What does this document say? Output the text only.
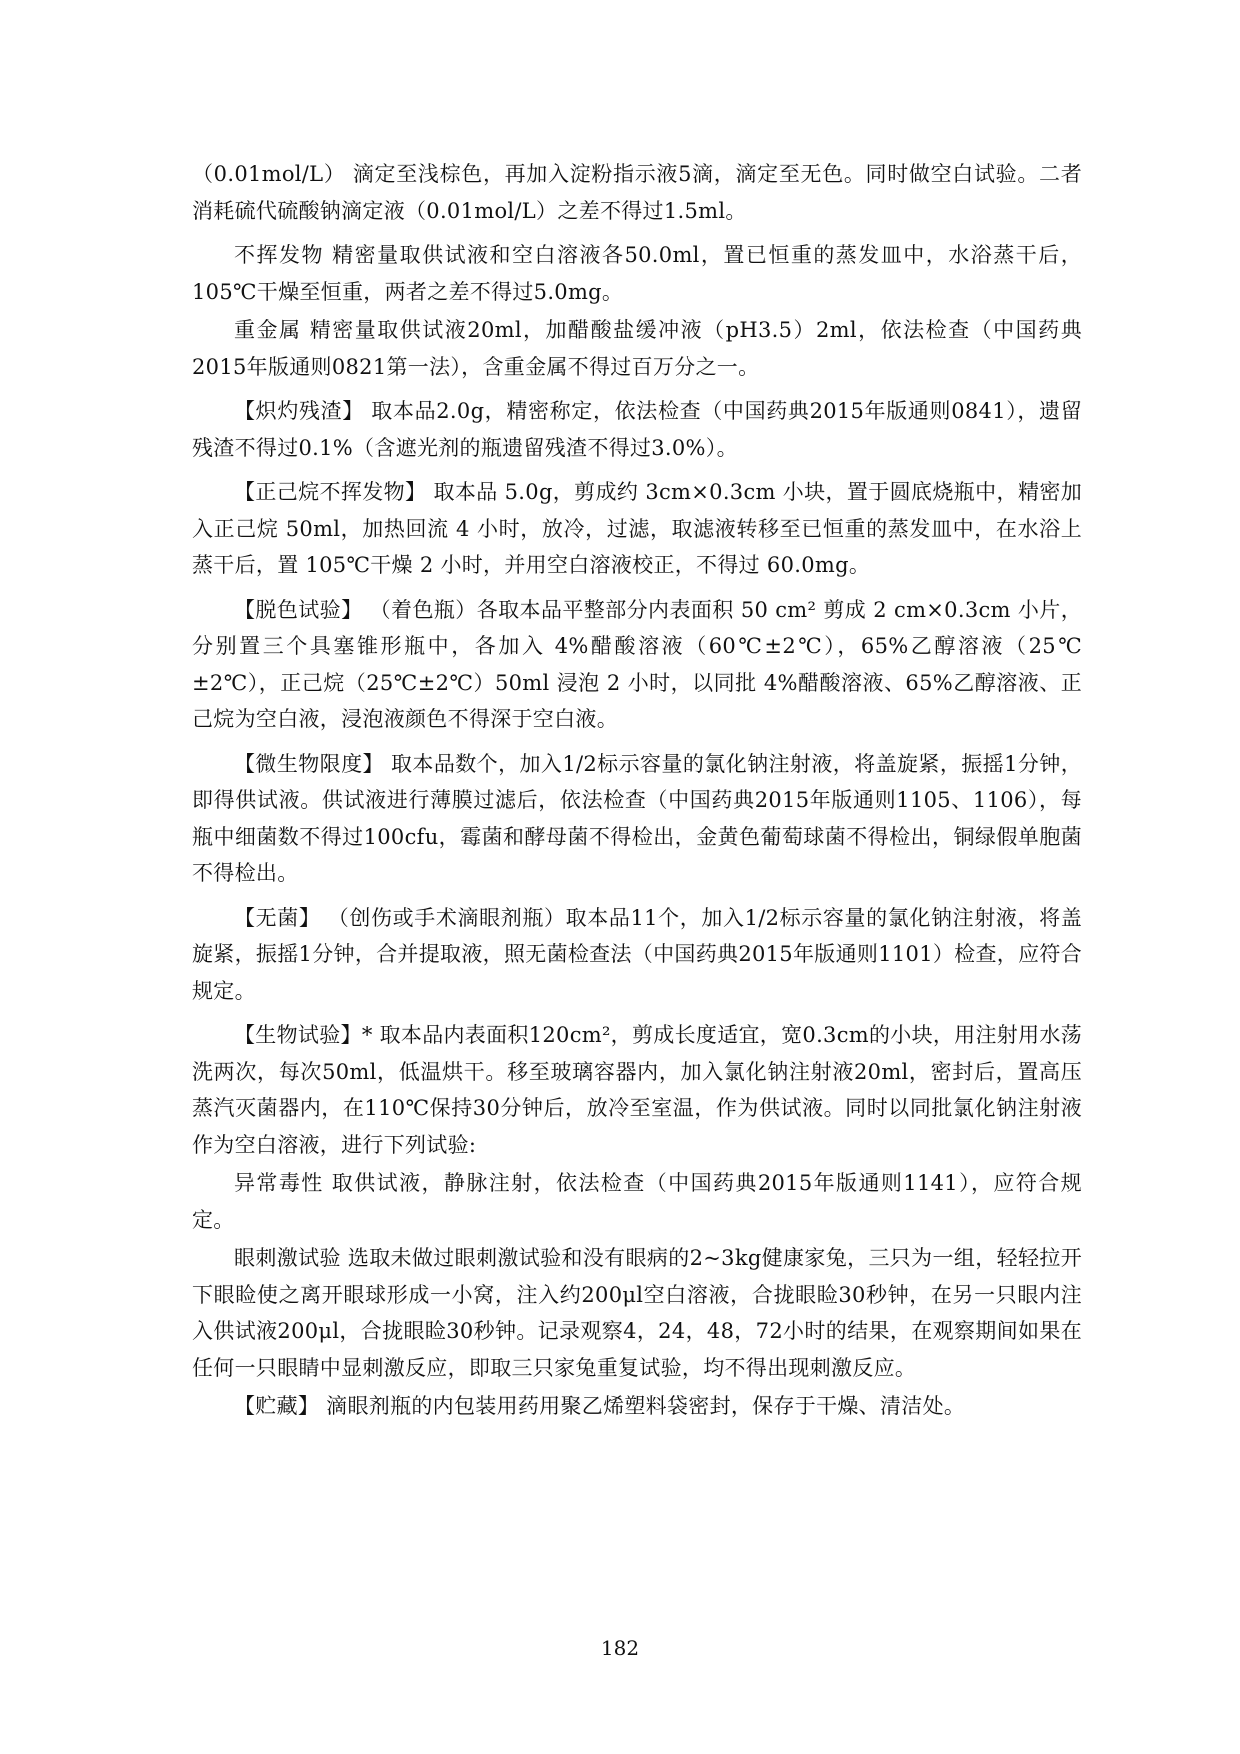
（0.01mol/L） 滴定至浅棕色，再加入淀粉指示液5滴，滴定至无色。同时做空白试验。二者消耗硫代硫酸钠滴定液（0.01mol/L）之差不得过1.5ml。

不挥发物 精密量取供试液和空白溶液各50.0ml，置已恒重的蒸发皿中，水浴蒸干后，105℃干燥至恒重，两者之差不得过5.0mg。

重金属 精密量取供试液20ml，加醋酸盐缓冲液（pH3.5）2ml，依法检查（中国药典2015年版通则0821第一法），含重金属不得过百万分之一。

【炽灼残渣】 取本品2.0g，精密称定，依法检查（中国药典2015年版通则0841），遗留残渣不得过0.1%（含遮光剂的瓶遗留残渣不得过3.0%）。

【正己烷不挥发物】 取本品 5.0g，剪成约 3cm×0.3cm 小块，置于圆底烧瓶中，精密加入正己烷 50ml，加热回流 4 小时，放冷，过滤，取滤液转移至已恒重的蒸发皿中，在水浴上蒸干后，置 105℃干燥 2 小时，并用空白溶液校正，不得过 60.0mg。

【脱色试验】 （着色瓶）各取本品平整部分内表面积 50 cm² 剪成 2 cm×0.3cm 小片，分别置三个具塞锥形瓶中，各加入 4%醋酸溶液（60℃±2℃），65%乙醇溶液（25℃±2℃），正己烷（25℃±2℃）50ml 浸泡 2 小时，以同批 4%醋酸溶液、65%乙醇溶液、正己烷为空白液，浸泡液颜色不得深于空白液。

【微生物限度】 取本品数个，加入1/2标示容量的氯化钠注射液，将盖旋紧，振摇1分钟，即得供试液。供试液进行薄膜过滤后，依法检查（中国药典2015年版通则1105、1106），每瓶中细菌数不得过100cfu，霉菌和酵母菌不得检出，金黄色葡萄球菌不得检出，铜绿假单胞菌不得检出。

【无菌】 （创伤或手术滴眼剂瓶）取本品11个，加入1/2标示容量的氯化钠注射液，将盖旋紧，振摇1分钟，合并提取液，照无菌检查法（中国药典2015年版通则1101）检查，应符合规定。

【生物试验】* 取本品内表面积120cm²，剪成长度适宜，宽0.3cm的小块，用注射用水荡洗两次，每次50ml，低温烘干。移至玻璃容器内，加入氯化钠注射液20ml，密封后，置高压蒸汽灭菌器内，在110℃保持30分钟后，放冷至室温，作为供试液。同时以同批氯化钠注射液作为空白溶液，进行下列试验:

异常毒性 取供试液，静脉注射，依法检查（中国药典2015年版通则1141），应符合规定。

眼刺激试验 选取未做过眼刺激试验和没有眼病的2~3kg健康家兔，三只为一组，轻轻拉开下眼睑使之离开眼球形成一小窝，注入约200μl空白溶液，合拢眼睑30秒钟，在另一只眼内注入供试液200μl，合拢眼睑30秒钟。记录观察4，24，48，72小时的结果，在观察期间如果在任何一只眼睛中显刺激反应，即取三只家兔重复试验，均不得出现刺激反应。

【贮藏】 滴眼剂瓶的内包装用药用聚乙烯塑料袋密封，保存于干燥、清洁处。

182
